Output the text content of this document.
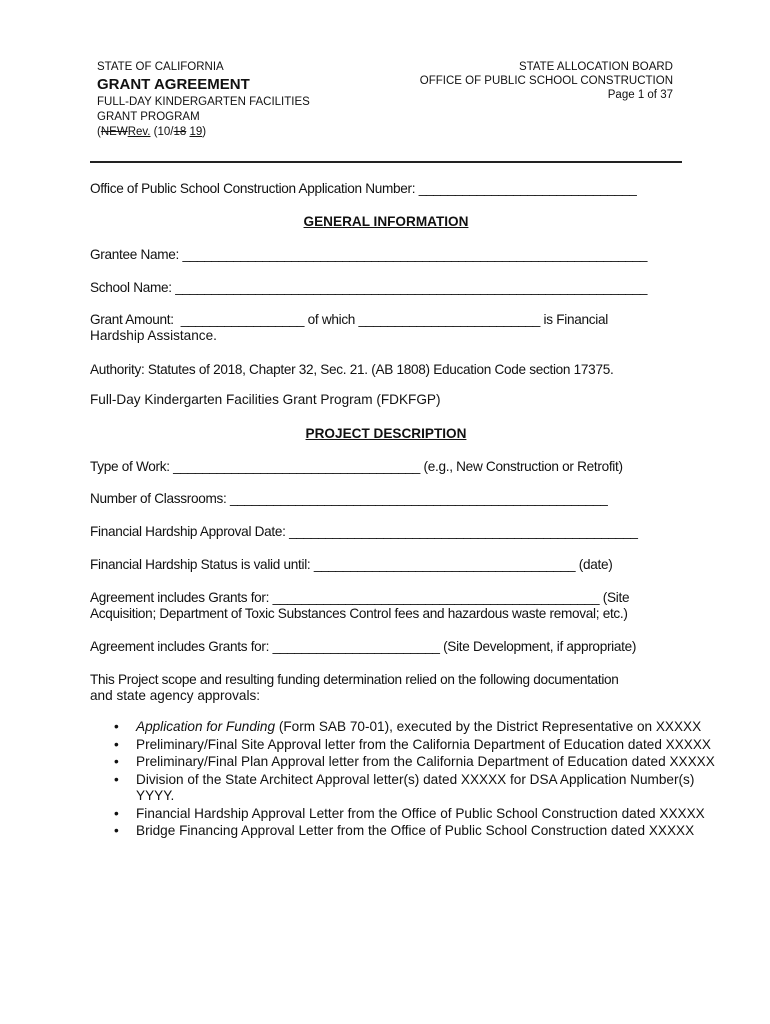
STATE OF CALIFORNIA
GRANT AGREEMENT
FULL-DAY KINDERGARTEN FACILITIES
GRANT PROGRAM
(NEWRev. (10/18 19)
STATE ALLOCATION BOARD
OFFICE OF PUBLIC SCHOOL CONSTRUCTION
Page 1 of 37
Office of Public School Construction Application Number: ______________________________
GENERAL INFORMATION
Grantee Name: ________________________________________________________________
School Name: _________________________________________________________________
Grant Amount:  _________________ of which _________________________ is Financial
Hardship Assistance.
Authority: Statutes of 2018, Chapter 32, Sec. 21. (AB 1808) Education Code section 17375.
Full-Day Kindergarten Facilities Grant Program (FDKFGP)
PROJECT DESCRIPTION
Type of Work: __________________________________ (e.g., New Construction or Retrofit)
Number of Classrooms: ____________________________________________________
Financial Hardship Approval Date: ________________________________________________
Financial Hardship Status is valid until: ____________________________________ (date)
Agreement includes Grants for: _____________________________________________ (Site
Acquisition; Department of Toxic Substances Control fees and hazardous waste removal; etc.)
Agreement includes Grants for: _______________________ (Site Development, if appropriate)
This Project scope and resulting funding determination relied on the following documentation
and state agency approvals:
• Application for Funding (Form SAB 70-01), executed by the District Representative on XXXXX
• Preliminary/Final Site Approval letter from the California Department of Education dated XXXXX
• Preliminary/Final Plan Approval letter from the California Department of Education dated XXXXX
• Division of the State Architect Approval letter(s) dated XXXXX for DSA Application Number(s) YYYY.
• Financial Hardship Approval Letter from the Office of Public School Construction dated XXXXX
• Bridge Financing Approval Letter from the Office of Public School Construction dated XXXXX
